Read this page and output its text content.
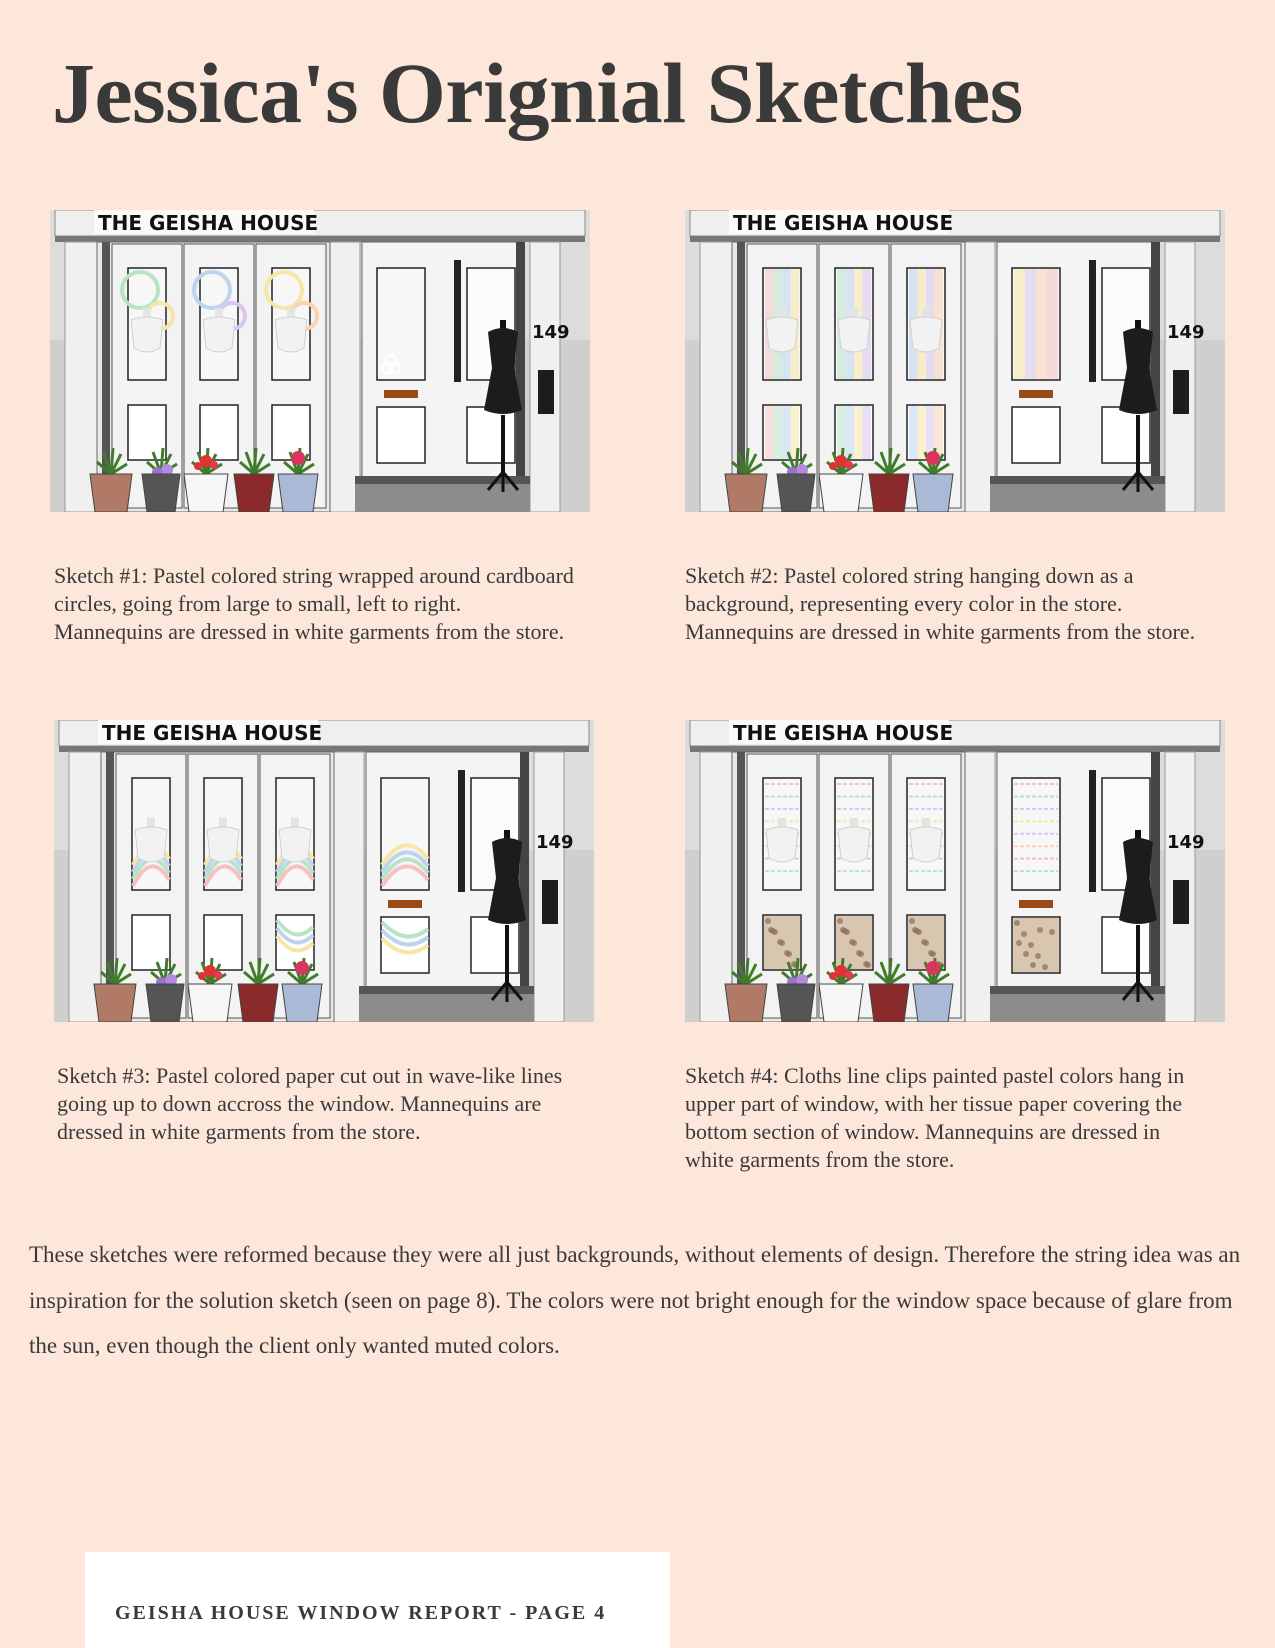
Jessica's Orignial Sketches
THE GEISHA HOUSE
149

Sketch #1: Pastel colored string wrapped around cardboard circles, going from large to small, left to right. Mannequins are dressed in white garments from the store.

THE GEISHA HOUSE
149

Sketch #2: Pastel colored string hanging down as a background, representing every color in the store. Mannequins are dressed in white garments from the store.

THE GEISHA HOUSE
149

Sketch #3: Pastel colored paper cut out in wave-like lines going up to down accross the window. Mannequins are dressed in white garments from the store.

THE GEISHA HOUSE
149

Sketch #4: Cloths line clips painted pastel colors hang in upper part of window, with her tissue paper covering the bottom section of window. Mannequins are dressed in white garments from the store.

These sketches were reformed because they were all just backgrounds, without elements of design. Therefore the string idea was an inspiration for the solution sketch (seen on page 8). The colors were not bright enough for the window space because of glare from the sun, even though the client only wanted muted colors.

GEISHA HOUSE WINDOW REPORT - PAGE 4
